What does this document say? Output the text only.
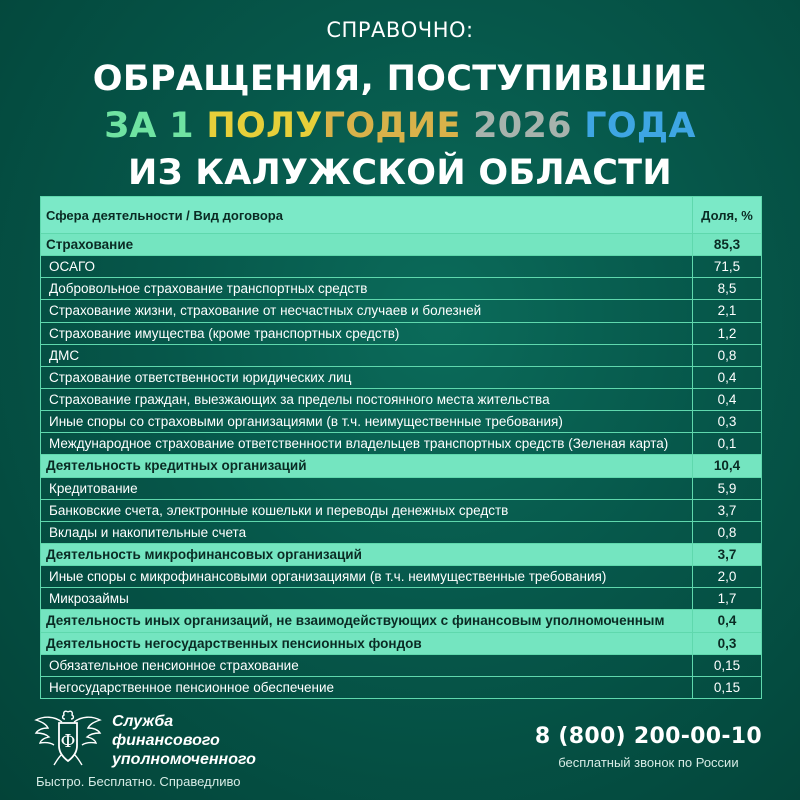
СПРАВОЧНО:
ОБРАЩЕНИЯ, ПОСТУПИВШИЕ
ЗА 1 ПОЛУГОДИЕ 2026 ГОДА
ИЗ КАЛУЖСКОЙ ОБЛАСТИ
Сфера деятельности / Вид договора	Доля, %
Страхование	85,3
ОСАГО	71,5
Добровольное страхование транспортных средств	8,5
Страхование жизни, страхование от несчастных случаев и болезней	2,1
Страхование имущества (кроме транспортных средств)	1,2
ДМС	0,8
Страхование ответственности юридических лиц	0,4
Страхование граждан, выезжающих за пределы постоянного места жительства	0,4
Иные споры со страховыми организациями (в т.ч. неимущественные требования)	0,3
Международное страхование ответственности владельцев транспортных средств (Зеленая карта)	0,1
Деятельность кредитных организаций	10,4
Кредитование	5,9
Банковские счета, электронные кошельки и переводы денежных средств	3,7
Вклады и накопительные счета	0,8
Деятельность микрофинансовых организаций	3,7
Иные споры с микрофинансовыми организациями (в т.ч. неимущественные требования)	2,0
Микрозаймы	1,7
Деятельность иных организаций, не взаимодействующих с финансовым уполномоченным	0,4
Деятельность негосударственных пенсионных фондов	0,3
Обязательное пенсионное страхование	0,15
Негосударственное пенсионное обеспечение	0,15
Ф
Служба
финансового
уполномоченного
Быстро. Бесплатно. Справедливо
8 (800) 200-00-10
бесплатный звонок по России
